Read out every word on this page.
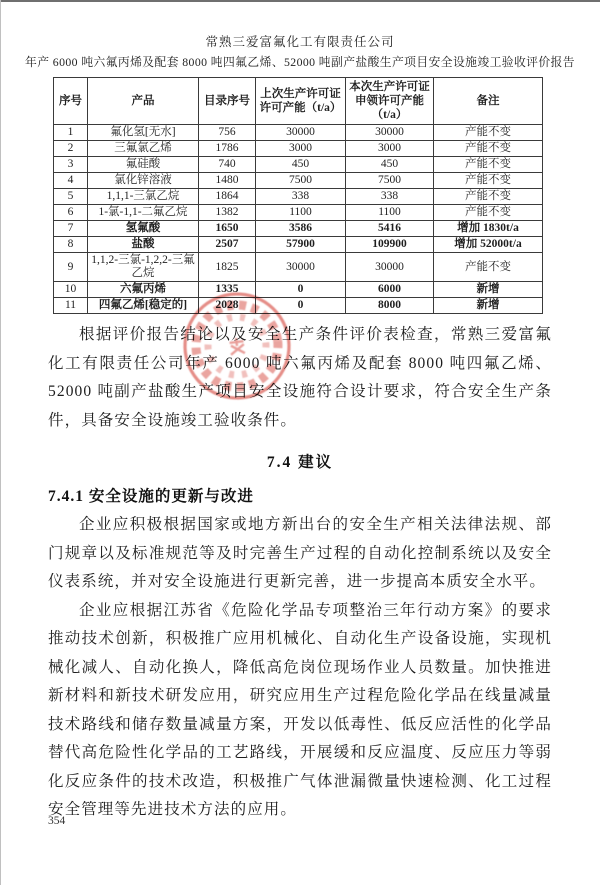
常熟三爱富氟化工有限责任公司
年产 6000 吨六氟丙烯及配套 8000 吨四氟乙烯、52000 吨副产盐酸生产项目安全设施竣工验收评价报告
序号	产品	目录序号	上次生产许可证许可产能（t/a）	本次生产许可证申领许可产能（t/a）	备注
1	氟化氢[无水]	756	30000	30000	产能不变
2	三氟氯乙烯	1786	3000	3000	产能不变
3	氟硅酸	740	450	450	产能不变
4	氯化锌溶液	1480	7500	7500	产能不变
5	1,1,1-三氯乙烷	1864	338	338	产能不变
6	1-氯-1,1-二氟乙烷	1382	1100	1100	产能不变
7	氢氟酸	1650	3586	5416	增加 1830t/a
8	盐酸	2507	57900	109900	增加 52000t/a
9	1,1,2-三氯-1,2,2-三氟乙烷	1825	30000	30000	产能不变
10	六氟丙烯	1335	0	6000	新增
11	四氟乙烯[稳定的]	2028	0	8000	新增

根据评价报告结论以及安全生产条件评价表检查，常熟三爱富氟化工有限责任公司年产 6000 吨六氟丙烯及配套 8000 吨四氟乙烯、52000 吨副产盐酸生产项目安全设施符合设计要求，符合安全生产条件，具备安全设施竣工验收条件。

7.4 建议
7.4.1 安全设施的更新与改进

企业应积极根据国家或地方新出台的安全生产相关法律法规、部门规章以及标准规范等及时完善生产过程的自动化控制系统以及安全仪表系统，并对安全设施进行更新完善，进一步提高本质安全水平。

企业应根据江苏省《危险化学品专项整治三年行动方案》的要求推动技术创新，积极推广应用机械化、自动化生产设备设施，实现机械化减人、自动化换人，降低高危岗位现场作业人员数量。加快推进新材料和新技术研发应用，研究应用生产过程危险化学品在线量减量技术路线和储存数量减量方案，开发以低毒性、低反应活性的化学品替代高危险性化学品的工艺路线，开展缓和反应温度、反应压力等弱化反应条件的技术改造，积极推广气体泄漏微量快速检测、化工过程安全管理等先进技术方法的应用。

354
